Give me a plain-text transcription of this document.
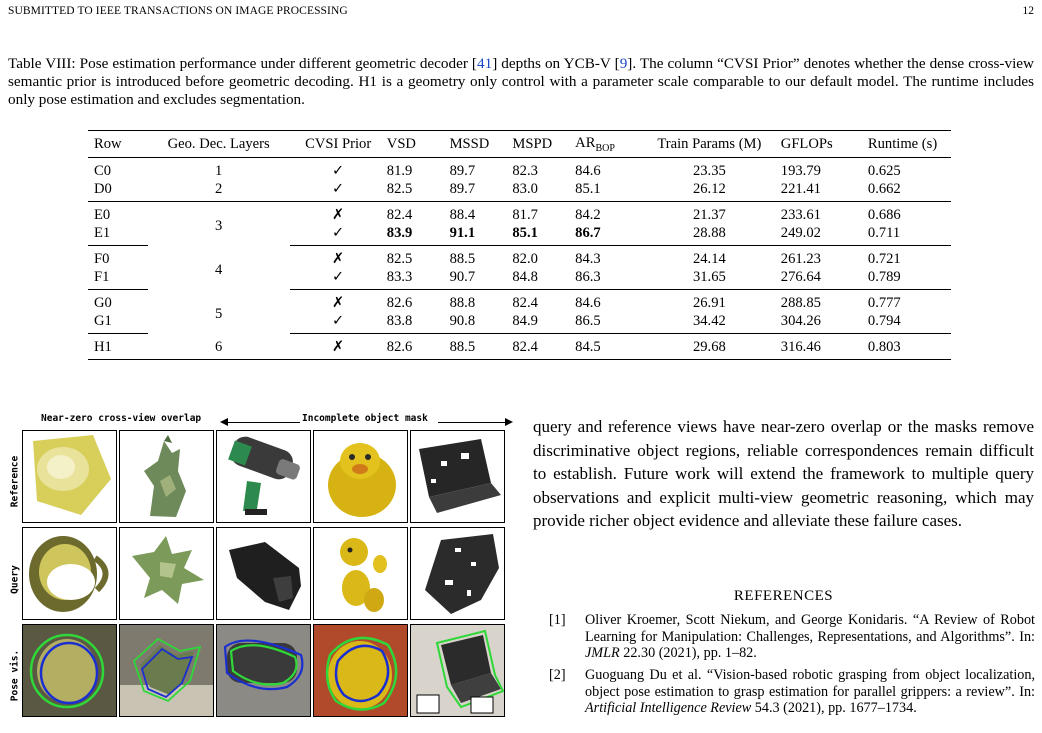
SUBMITTED TO IEEE TRANSACTIONS ON IMAGE PROCESSING	12
Table VIII: Pose estimation performance under different geometric decoder [41] depths on YCB-V [9]. The column “CVSI Prior” denotes whether the dense cross-view semantic prior is introduced before geometric decoding. H1 is a geometry only control with a parameter scale comparable to our default model. The runtime includes only pose estimation and excludes segmentation.
Row	Geo. Dec. Layers	CVSI Prior	VSD	MSSD	MSPD	$AR_{BOP}$	Train Params (M)	GFLOPs	Runtime (s)
C0	1	✓	81.9	89.7	82.3	84.6	23.35	193.79	0.625
D0	2	✓	82.5	89.7	83.0	85.1	26.12	221.41	0.662
E0	3	✗	82.4	88.4	81.7	84.2	21.37	233.61	0.686
E1		✓	83.9	91.1	85.1	86.7	28.88	249.02	0.711
F0	4	✗	82.5	88.5	82.0	84.3	24.14	261.23	0.721
F1		✓	83.3	90.7	84.8	86.3	31.65	276.64	0.789
G0	5	✗	82.6	88.8	82.4	84.6	26.91	288.85	0.777
G1		✓	83.8	90.8	84.9	86.5	34.42	304.26	0.794
H1	6	✗	82.6	88.5	82.4	84.5	29.68	316.46	0.803
Near-zero cross-view overlap	Incomplete object mask
Reference
Query
Pose vis.
query and reference views have near-zero overlap or the masks remove discriminative object regions, reliable correspondences remain difficult to establish. Future work will extend the framework to multiple query observations and explicit multi-view geometric reasoning, which may provide richer object evidence and alleviate these failure cases.
REFERENCES
[1] Oliver Kroemer, Scott Niekum, and George Konidaris. “A Review of Robot Learning for Manipulation: Challenges, Representations, and Algorithms”. In: JMLR 22.30 (2021), pp. 1–82.
[2] Guoguang Du et al. “Vision-based robotic grasping from object localization, object pose estimation to grasp estimation for parallel grippers: a review”. In: Artificial Intelligence Review 54.3 (2021), pp. 1677–1734.
